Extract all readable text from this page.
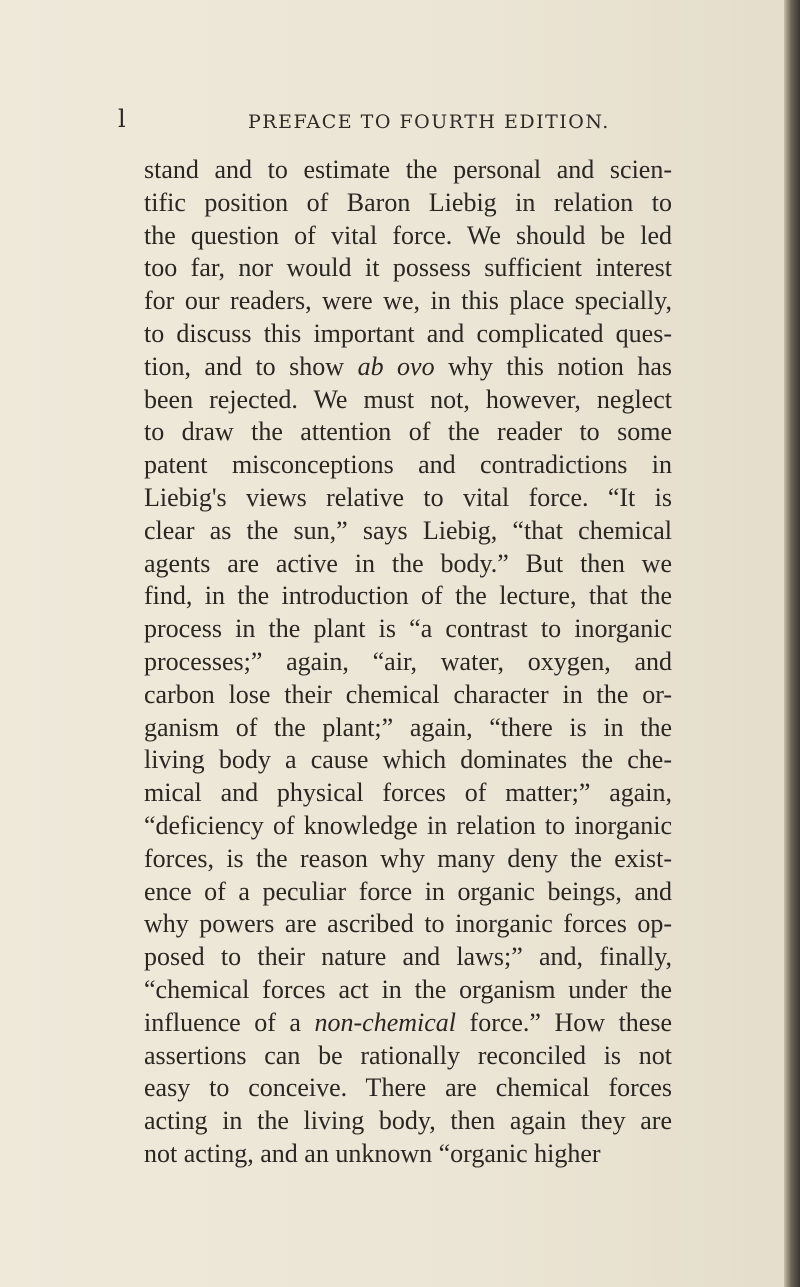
l	PREFACE TO FOURTH EDITION.
stand and to estimate the personal and scien-
tific position of Baron Liebig in relation to
the question of vital force. We should be led
too far, nor would it possess sufficient interest
for our readers, were we, in this place specially,
to discuss this important and complicated ques-
tion, and to show ab ovo why this notion has
been rejected. We must not, however, neglect
to draw the attention of the reader to some
patent misconceptions and contradictions in
Liebig's views relative to vital force. “It is
clear as the sun,” says Liebig, “that chemical
agents are active in the body.” But then we
find, in the introduction of the lecture, that the
process in the plant is “a contrast to inorganic
processes;” again, “air, water, oxygen, and
carbon lose their chemical character in the or-
ganism of the plant;” again, “there is in the
living body a cause which dominates the che-
mical and physical forces of matter;” again,
“deficiency of knowledge in relation to inorganic
forces, is the reason why many deny the exist-
ence of a peculiar force in organic beings, and
why powers are ascribed to inorganic forces op-
posed to their nature and laws;” and, finally,
“chemical forces act in the organism under the
influence of a non-chemical force.” How these
assertions can be rationally reconciled is not
easy to conceive. There are chemical forces
acting in the living body, then again they are
not acting, and an unknown “organic higher
